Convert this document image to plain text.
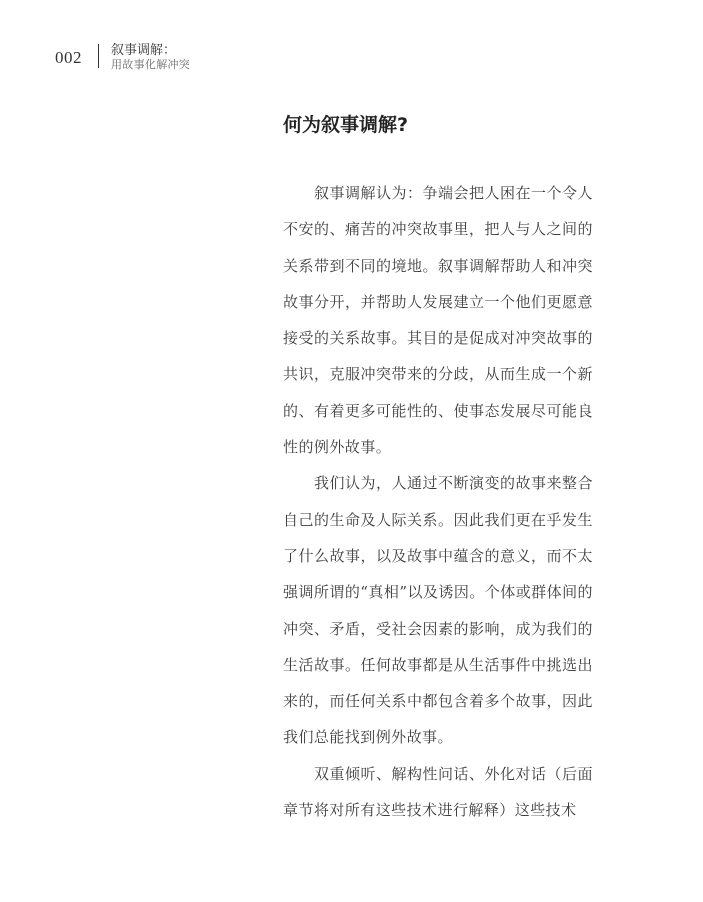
002 叙事调解：
用故事化解冲突
何为叙事调解?

叙事调解认为：争端会把人困在一个令人不安的、痛苦的冲突故事里，把人与人之间的关系带到不同的境地。叙事调解帮助人和冲突故事分开，并帮助人发展建立一个他们更愿意接受的关系故事。其目的是促成对冲突故事的共识，克服冲突带来的分歧，从而生成一个新的、有着更多可能性的、使事态发展尽可能良性的例外故事。

我们认为，人通过不断演变的故事来整合自己的生命及人际关系。因此我们更在乎发生了什么故事，以及故事中蕴含的意义，而不太强调所谓的“真相”以及诱因。个体或群体间的冲突、矛盾，受社会因素的影响，成为我们的生活故事。任何故事都是从生活事件中挑选出来的，而任何关系中都包含着多个故事，因此我们总能找到例外故事。

双重倾听、解构性问话、外化对话（后面章节将对所有这些技术进行解释）这些技术
